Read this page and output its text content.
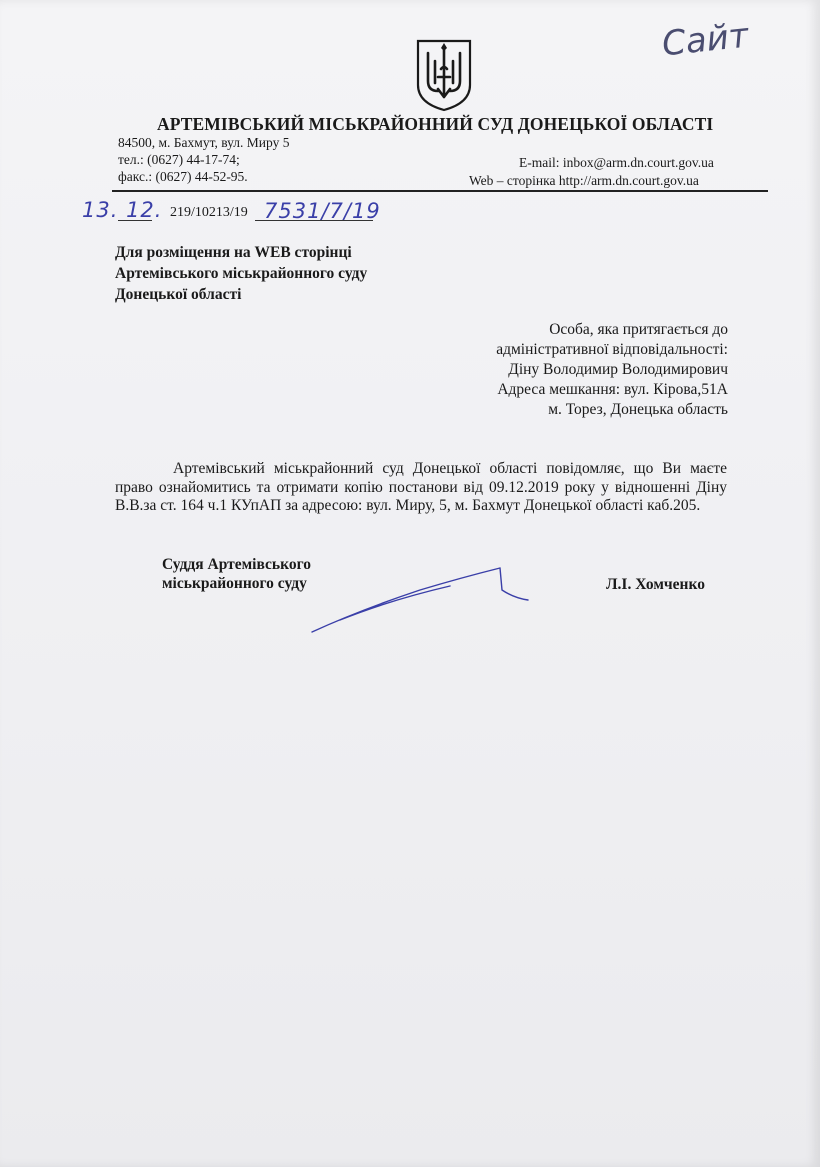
АРТЕМІВСЬКИЙ МІСЬКРАЙОННИЙ СУД ДОНЕЦЬКОЇ ОБЛАСТІ
84500, м. Бахмут, вул. Миру 5
тел.: (0627) 44-17-74;
факс.: (0627) 44-52-95.
E-mail: inbox@arm.dn.court.gov.ua
Web – сторінка http://arm.dn.court.gov.ua
Сайт
13. 12. 219/10213/19 7531/7/19
Для розміщення на WEB сторінці
Артемівського міськрайонного суду
Донецької області
Особа, яка притягається до
адміністративної відповідальності:
Діну Володимир Володимирович
Адреса мешкання: вул. Кірова,51А
м. Торез, Донецька область

Артемівський міськрайонний суд Донецької області повідомляє, що Ви маєте право ознайомитись та отримати копію постанови від 09.12.2019 року у відношенні Діну В.В.за ст. 164 ч.1 КУпАП за адресою: вул. Миру, 5, м. Бахмут Донецької області каб.205.

Суддя Артемівського
міськрайонного суду	Л.І. Хомченко
